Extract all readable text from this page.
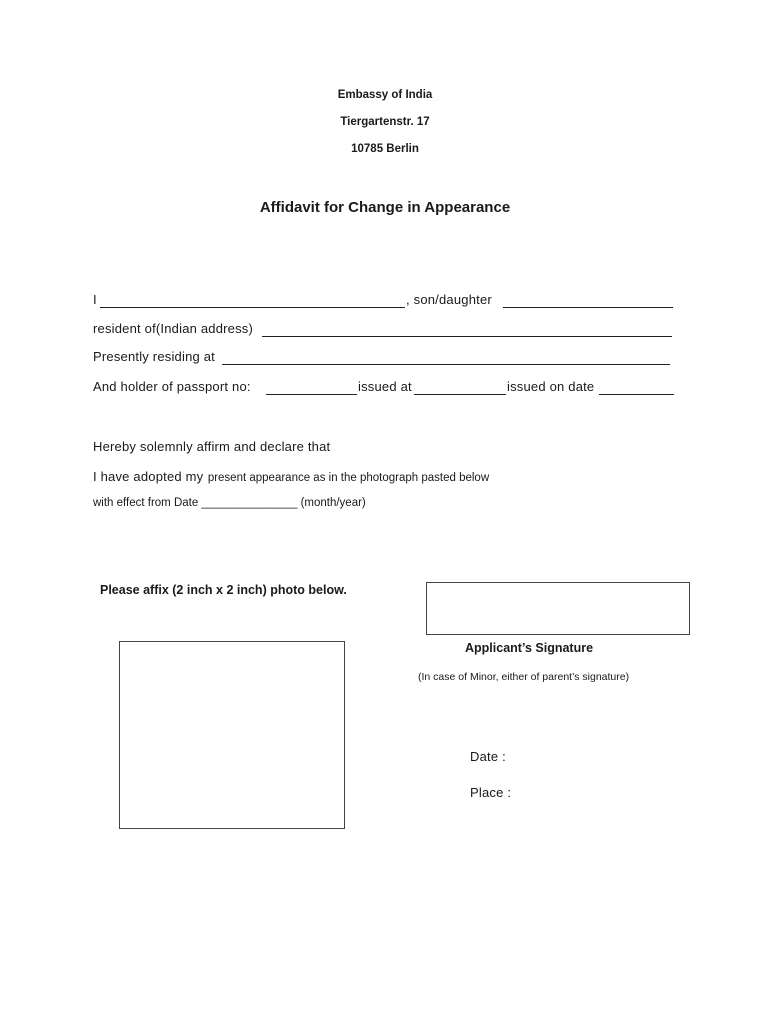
Embassy of India
Tiergartenstr. 17
10785 Berlin
Affidavit for Change in Appearance
I	, son/daughter
resident of(Indian address)
Presently residing at
And holder of passport no:	issued at	issued on date
Hereby solemnly affirm and declare that
I have adopted my present appearance as in the photograph pasted below
with effect from Date _______________ (month/year)
Please affix (2 inch x 2 inch) photo below.
Applicant’s Signature
(In case of Minor, either of parent’s signature)
Date :
Place :
